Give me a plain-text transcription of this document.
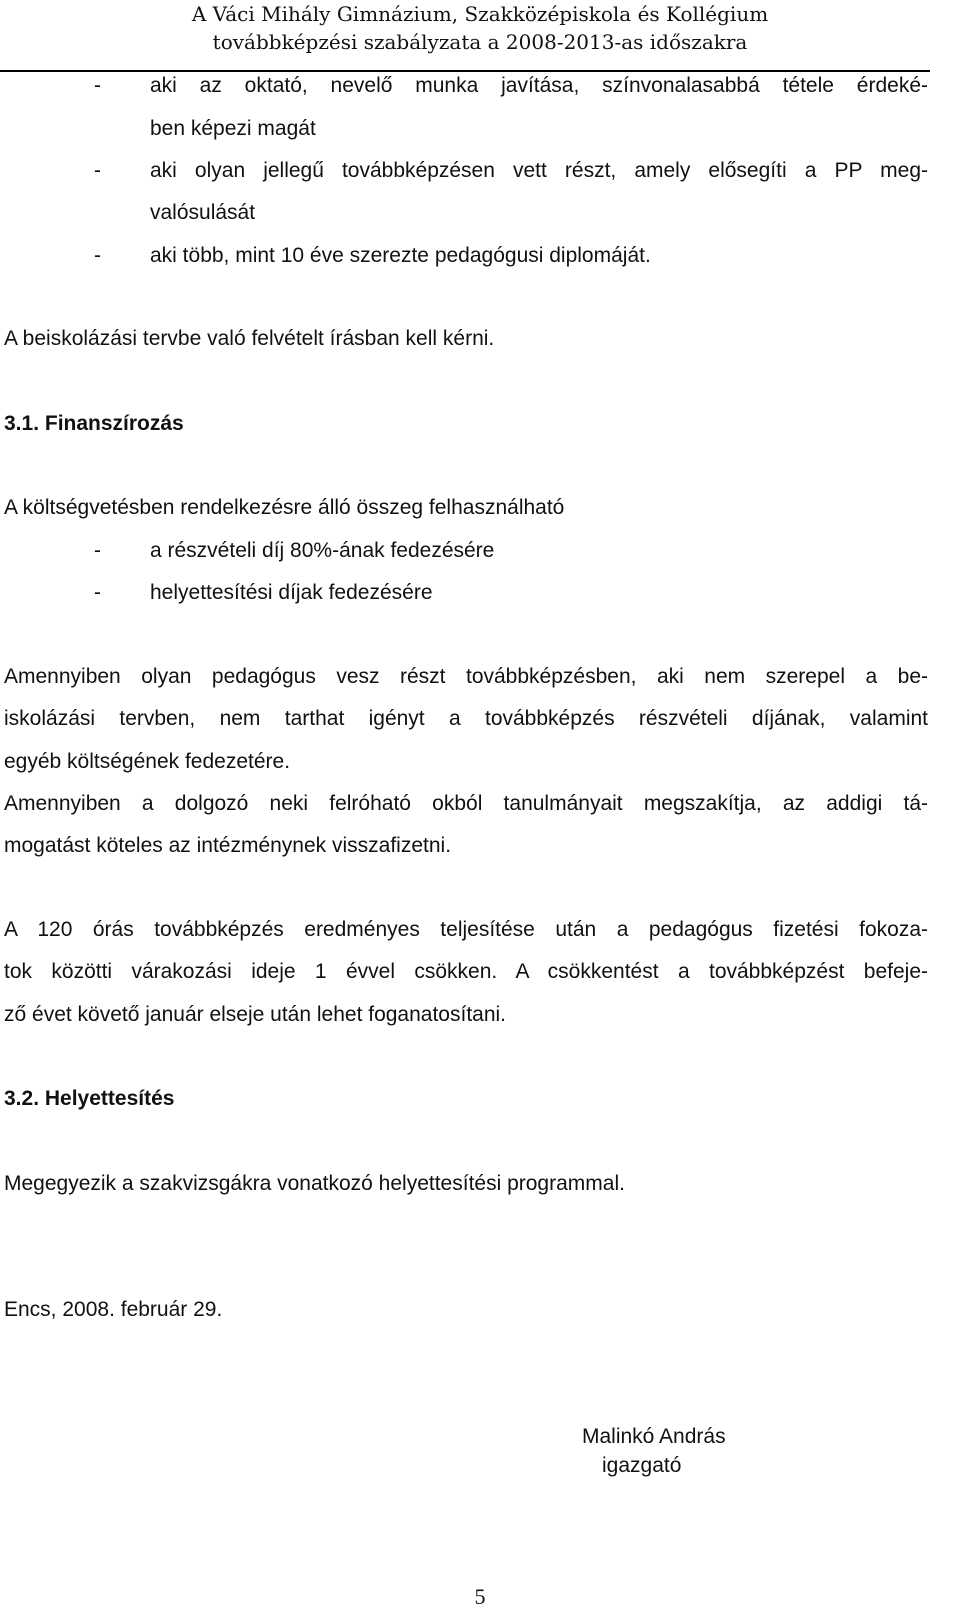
A Váci Mihály Gimnázium, Szakközépiskola és Kollégium
továbbképzési szabályzata a 2008-2013-as időszakra
- aki az oktató, nevelő munka javítása, színvonalasabbá tétele érdeké-
ben képezi magát
- aki olyan jellegű továbbképzésen vett részt, amely elősegíti a PP meg-
valósulását
- aki több, mint 10 éve szerezte pedagógusi diplomáját.
A beiskolázási tervbe való felvételt írásban kell kérni.
3.1. Finanszírozás
A költségvetésben rendelkezésre álló összeg felhasználható
- a részvételi díj 80%-ának fedezésére
- helyettesítési díjak fedezésére
Amennyiben olyan pedagógus vesz részt továbbképzésben, aki nem szerepel a be-
iskolázási tervben, nem tarthat igényt a továbbképzés részvételi díjának, valamint
egyéb költségének fedezetére.
Amennyiben a dolgozó neki felróható okból tanulmányait megszakítja, az addigi tá-
mogatást köteles az intézménynek visszafizetni.
A 120 órás továbbképzés eredményes teljesítése után a pedagógus fizetési fokoza-
tok közötti várakozási ideje 1 évvel csökken. A csökkentést a továbbképzést befeje-
ző évet követő január elseje után lehet foganatosítani.
3.2. Helyettesítés
Megegyezik a szakvizsgákra vonatkozó helyettesítési programmal.
Encs, 2008. február 29.
Malinkó András
igazgató
5
